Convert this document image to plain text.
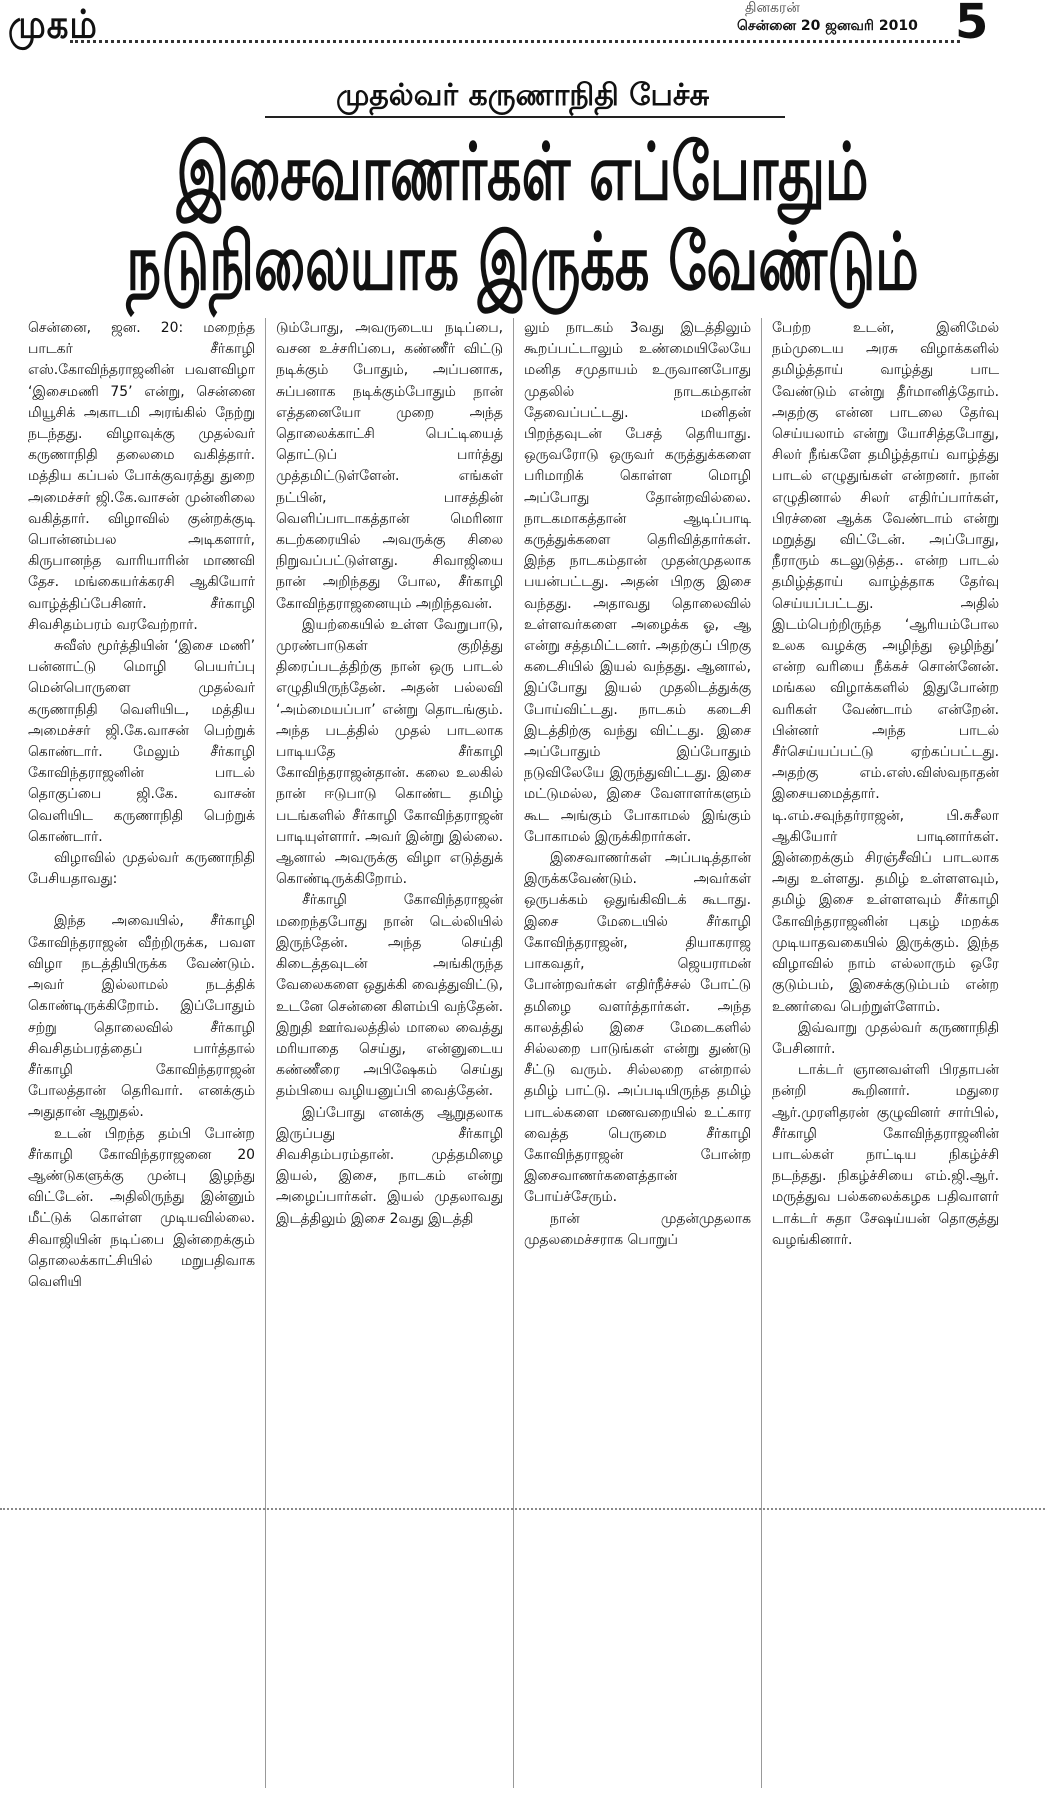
முகம்	தினகரன்
சென்னை 20 ஜனவரி 2010 5
முதல்வர் கருணாநிதி பேச்சு
இசைவாணர்கள் எப்போதும்
நடுநிலையாக இருக்க வேண்டும்

சென்னை, ஜன. 20: மறைந்த பாடகர் சீர்காழி எஸ்.கோவிந்தராஜனின் பவளவிழா ‘இசைமணி 75’ என்று, சென்னை மியூசிக் அகாடமி அரங்கில் நேற்று நடந்தது. விழாவுக்கு முதல்வர் கருணாநிதி தலைமை வகித்தார். மத்திய கப்பல் போக்குவரத்து துறை அமைச்சர் ஜி.கே.வாசன் முன்னிலை வகித்தார். விழாவில் குன்றக்குடி பொன்னம்பல அடிகளார், கிருபானந்த வாரியாரின் மாணவி தேச. மங்கையர்க்கரசி ஆகியோர் வாழ்த்திப்பேசினர். சீர்காழி சிவசிதம்பரம் வரவேற்றார்.

சுவீஸ் மூர்த்தியின் ‘இசை மணி’ பன்னாட்டு மொழி பெயர்ப்பு மென்பொருளை முதல்வர் கருணாநிதி வெளியிட, மத்திய அமைச்சர் ஜி.கே.வாசன் பெற்றுக் கொண்டார். மேலும் சீர்காழி கோவிந்தராஜனின் பாடல் தொகுப்பை ஜி.கே. வாசன் வெளியிட கருணாநிதி பெற்றுக் கொண்டார்.

விழாவில் முதல்வர் கருணாநிதி பேசியதாவது:

இந்த அவையில், சீர்காழி கோவிந்தராஜன் வீற்றிருக்க, பவள விழா நடத்தியிருக்க வேண்டும். அவர் இல்லாமல் நடத்திக் கொண்டிருக்கிறோம். இப்போதும் சற்று தொலைவில் சீர்காழி சிவசிதம்பரத்தைப் பார்த்தால் சீர்காழி கோவிந்தராஜன் போலத்தான் தெரிவார். எனக்கும் அதுதான் ஆறுதல்.

உடன் பிறந்த தம்பி போன்ற சீர்காழி கோவிந்தராஜனை 20 ஆண்டுகளுக்கு முன்பு இழந்து விட்டேன். அதிலிருந்து இன்னும் மீட்டுக் கொள்ள முடியவில்லை. சிவாஜியின் நடிப்பை இன்றைக்கும் தொலைக்காட்சியில் மறுபதிவாக வெளியி

டும்போது, அவருடைய நடிப்பை, வசன உச்சரிப்பை, கண்ணீர் விட்டு நடிக்கும் போதும், அப்பனாக, சுப்பனாக நடிக்கும்போதும் நான் எத்தனையோ முறை அந்த தொலைக்காட்சி பெட்டியைத் தொட்டுப் பார்த்து முத்தமிட்டுள்ளேன். எங்கள் நட்பின், பாசத்தின் வெளிப்பாடாகத்தான் மெரினா கடற்கரையில் அவருக்கு சிலை நிறுவப்பட்டுள்ளது. சிவாஜியை நான் அறிந்தது போல, சீர்காழி கோவிந்தராஜனையும் அறிந்தவன்.

இயற்கையில் உள்ள வேறுபாடு, முரண்பாடுகள் குறித்து திரைப்படத்திற்கு நான் ஒரு பாடல் எழுதியிருந்தேன். அதன் பல்லவி ‘அம்மையப்பா’ என்று தொடங்கும். அந்த படத்தில் முதல் பாடலாக பாடியதே சீர்காழி கோவிந்தராஜன்தான். கலை உலகில் நான் ஈடுபாடு கொண்ட தமிழ் படங்களில் சீர்காழி கோவிந்தராஜன் பாடியுள்ளார். அவர் இன்று இல்லை. ஆனால் அவருக்கு விழா எடுத்துக் கொண்டிருக்கிறோம்.

சீர்காழி கோவிந்தராஜன் மறைந்தபோது நான் டெல்லியில் இருந்தேன். அந்த செய்தி கிடைத்தவுடன் அங்கிருந்த வேலைகளை ஒதுக்கி வைத்துவிட்டு, உடனே சென்னை கிளம்பி வந்தேன். இறுதி ஊர்வலத்தில் மாலை வைத்து மரியாதை செய்து, என்னுடைய கண்ணீரை அபிஷேகம் செய்து தம்பியை வழியனுப்பி வைத்தேன்.

இப்போது எனக்கு ஆறுதலாக இருப்பது சீர்காழி சிவசிதம்பரம்தான். முத்தமிழை இயல், இசை, நாடகம் என்று அழைப்பார்கள். இயல் முதலாவது இடத்திலும் இசை 2வது இடத்தி

லும் நாடகம் 3வது இடத்திலும் கூறப்பட்டாலும் உண்மையிலேயே மனித சமுதாயம் உருவானபோது முதலில் நாடகம்தான் தேவைப்பட்டது. மனிதன் பிறந்தவுடன் பேசத் தெரியாது. ஒருவரோடு ஒருவர் கருத்துக்களை பரிமாறிக் கொள்ள மொழி அப்போது தோன்றவில்லை. நாடகமாகத்தான் ஆடிப்பாடி கருத்துக்களை தெரிவித்தார்கள். இந்த நாடகம்தான் முதன்முதலாக பயன்பட்டது. அதன் பிறகு இசை வந்தது. அதாவது தொலைவில் உள்ளவர்களை அழைக்க ஓ, ஆ என்று சத்தமிட்டனர். அதற்குப் பிறகு கடைசியில் இயல் வந்தது. ஆனால், இப்போது இயல் முதலிடத்துக்கு போய்விட்டது. நாடகம் கடைசி இடத்திற்கு வந்து விட்டது. இசை அப்போதும் இப்போதும் நடுவிலேயே இருந்துவிட்டது. இசை மட்டுமல்ல, இசை வேளாளர்களும் கூட அங்கும் போகாமல் இங்கும் போகாமல் இருக்கிறார்கள்.

இசைவாணர்கள் அப்படித்தான் இருக்கவேண்டும். அவர்கள் ஒருபக்கம் ஒதுங்கிவிடக் கூடாது. இசை மேடையில் சீர்காழி கோவிந்தராஜன், தியாகராஜ பாகவதர், ஜெயராமன் போன்றவர்கள் எதிர்நீச்சல் போட்டு தமிழை வளர்த்தார்கள். அந்த காலத்தில் இசை மேடைகளில் சில்லறை பாடுங்கள் என்று துண்டு சீட்டு வரும். சில்லறை என்றால் தமிழ் பாட்டு. அப்படியிருந்த தமிழ் பாடல்களை மணவறையில் உட்கார வைத்த பெருமை சீர்காழி கோவிந்தராஜன் போன்ற இசைவாணர்களைத்தான் போய்ச்சேரும்.

நான் முதன்முதலாக முதலமைச்சராக பொறுப்

பேற்ற உடன், இனிமேல் நம்முடைய அரசு விழாக்களில் தமிழ்த்தாய் வாழ்த்து பாட வேண்டும் என்று தீர்மானித்தோம். அதற்கு என்ன பாடலை தேர்வு செய்யலாம் என்று யோசித்தபோது, சிலர் நீங்களே தமிழ்த்தாய் வாழ்த்து பாடல் எழுதுங்கள் என்றனர். நான் எழுதினால் சிலர் எதிர்ப்பார்கள், பிரச்னை ஆக்க வேண்டாம் என்று மறுத்து விட்டேன். அப்போது, நீராரும் கடலுடுத்த.. என்ற பாடல் தமிழ்த்தாய் வாழ்த்தாக தேர்வு செய்யப்பட்டது. அதில் இடம்பெற்றிருந்த ‘ஆரியம்போல உலக வழக்கு அழிந்து ஒழிந்து’ என்ற வரியை நீக்கச் சொன்னேன். மங்கல விழாக்களில் இதுபோன்ற வரிகள் வேண்டாம் என்றேன். பின்னர் அந்த பாடல் சீர்செய்யப்பட்டு ஏற்கப்பட்டது. அதற்கு எம்.எஸ்.விஸ்வநாதன் இசையமைத்தார். டி.எம்.சவுந்தர்ராஜன், பி.சுசீலா ஆகியோர் பாடினார்கள். இன்றைக்கும் சிரஞ்சீவிப் பாடலாக அது உள்ளது. தமிழ் உள்ளளவும், தமிழ் இசை உள்ளளவும் சீர்காழி கோவிந்தராஜனின் புகழ் மறக்க முடியாதவகையில் இருக்கும். இந்த விழாவில் நாம் எல்லாரும் ஒரே குடும்பம், இசைக்குடும்பம் என்ற உணர்வை பெற்றுள்ளோம்.

இவ்வாறு முதல்வர் கருணாநிதி பேசினார்.

டாக்டர் ஞானவள்ளி பிரதாபன் நன்றி கூறினார். மதுரை ஆர்.முரளிதரன் குழுவினர் சார்பில், சீர்காழி கோவிந்தராஜனின் பாடல்கள் நாட்டிய நிகழ்ச்சி நடந்தது. நிகழ்ச்சியை எம்.ஜி.ஆர். மருத்துவ பல்கலைக்கழக பதிவாளர் டாக்டர் சுதா சேஷய்யன் தொகுத்து வழங்கினார்.
